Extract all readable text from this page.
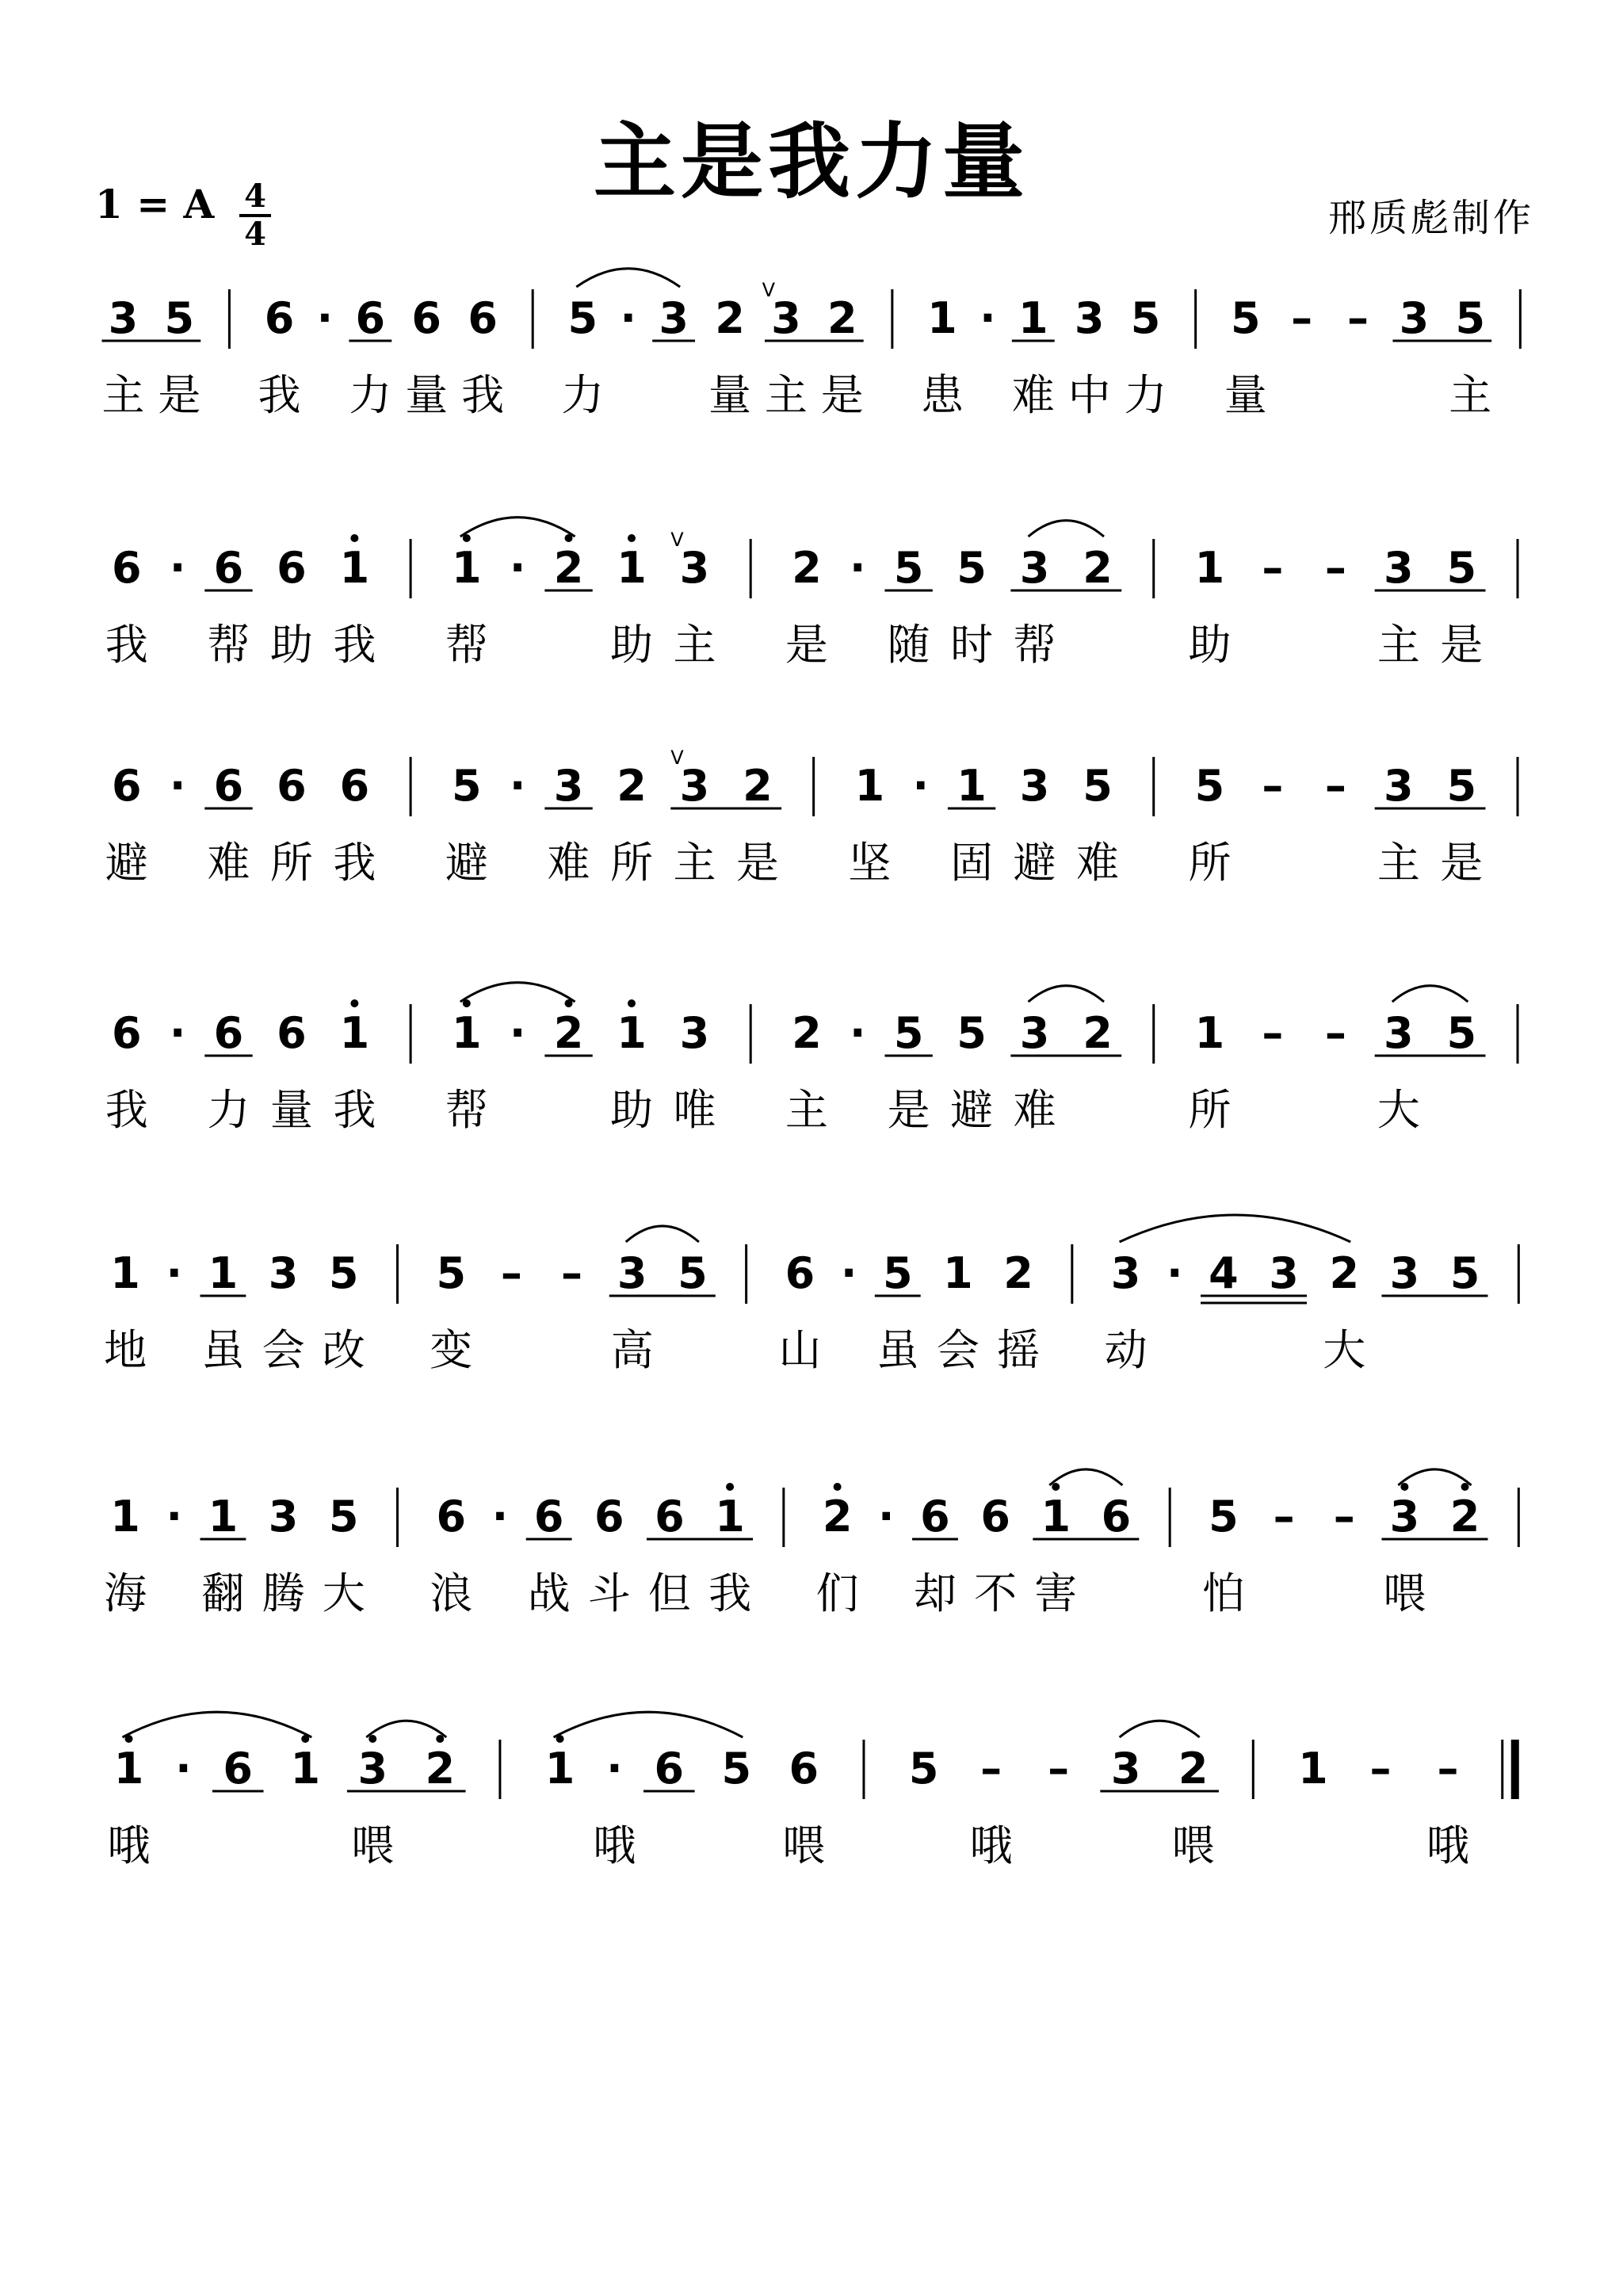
主是我力量
1 = A 4
4	邢质彪制作
3
主
5
是
6
我
· 6
力
6
量
6
我
5
力
· 3 2
量
3
V
主
2
是
1
患
· 1
难
3
中
5
力
5
量
– – 3 5
主
6
我
· 6
帮
6
助
1
我
1
帮
· 2 1
助
3
V
主
2
是
· 5
随
5
时
3
帮
2 1
助
– – 3
主
5
是
6
避
· 6
难
6
所
6
我
5
避
· 3
难
2
所
3
V
主
2
是
1
坚
· 1
固
3
避
5
难
5
所
– – 3
主
5
是
6
我
· 6
力
6
量
1
我
1
帮
· 2 1
助
3
唯
2
主
· 5
是
5
避
3
难
2 1
所
– – 3
大
5
1
地
· 1
虽
3
会
5
改
5
变
– – 3
高
5 6
山
· 5
虽
1
会
2
摇
3
动
· 4 3 2
大
3 5
1
海
· 1
翻
3
腾
5
大
6
浪
· 6
战
6
斗
6
但
1
我
2
们
· 6
却
6
不
1
害
6 5
怕
– – 3
喂
2
1
哦
· 6 1 3
喂
2 1 ·
哦
6 5 6
喂
5 –
哦
– 3 2
喂
1 – –
哦
